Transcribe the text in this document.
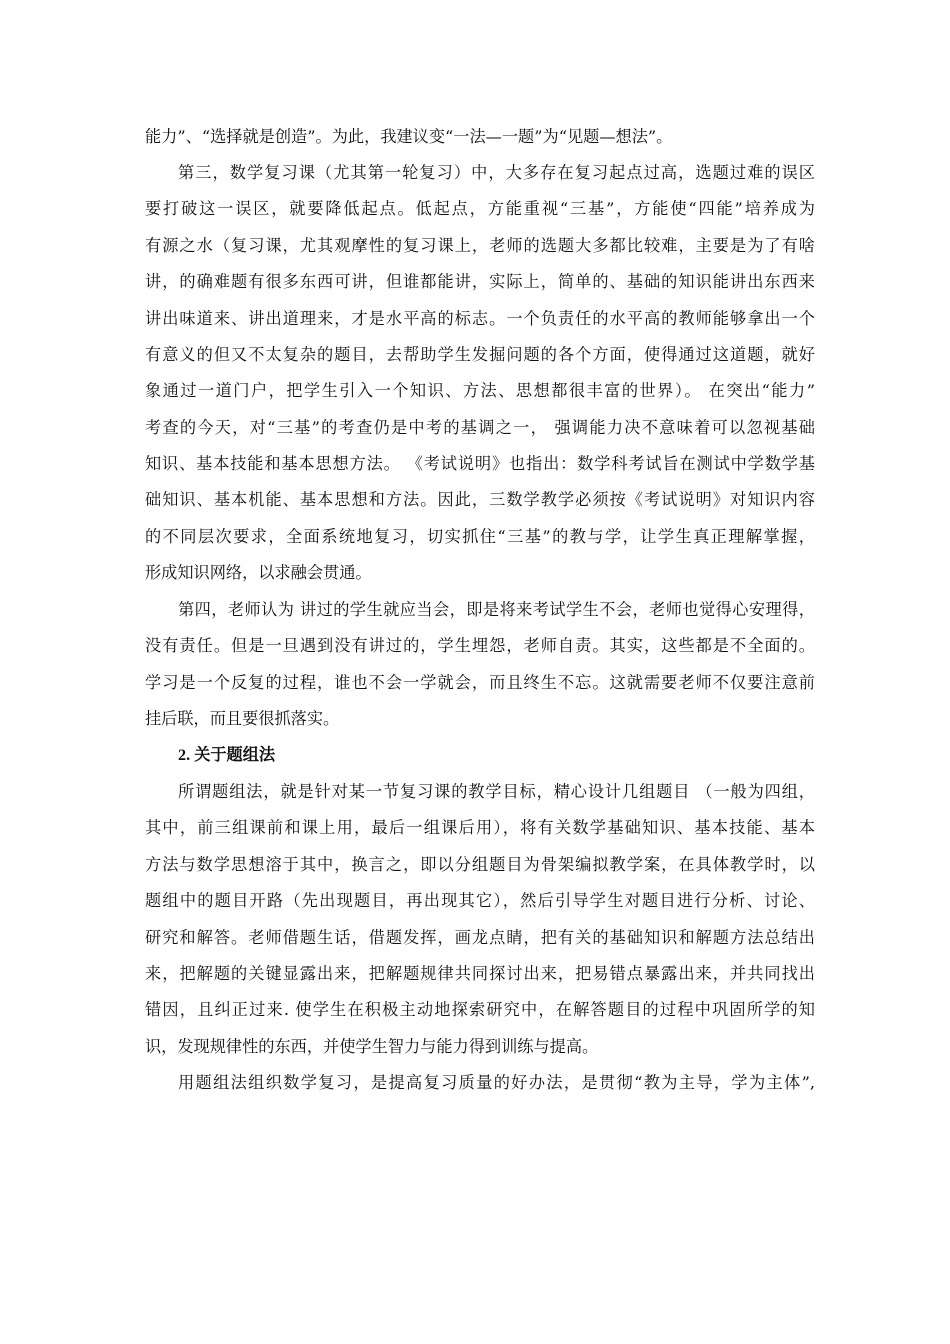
能力”、“选择就是创造”。为此，我建议变“一法—一题”为“见题—想法”。
第三，数学复习课（尤其第一轮复习）中，大多存在复习起点过高，选题过难的误区
要打破这一误区，就要降低起点。低起点，方能重视“三基”，方能使“四能”培养成为
有源之水（复习课，尤其观摩性的复习课上，老师的选题大多都比较难，主要是为了有啥
讲，的确难题有很多东西可讲，但谁都能讲，实际上，简单的、基础的知识能讲出东西来
讲出味道来、讲出道理来，才是水平高的标志。一个负责任的水平高的教师能够拿出一个
有意义的但又不太复杂的题目，去帮助学生发掘问题的各个方面，使得通过这道题，就好
象通过一道门户，把学生引入一个知识、方法、思想都很丰富的世界）。 在突出“能力”
考查的今天，对“三基”的考查仍是中考的基调之一， 强调能力决不意味着可以忽视基础
知识、基本技能和基本思想方法。 《考试说明》也指出：数学科考试旨在测试中学数学基
础知识、基本机能、基本思想和方法。因此，三数学教学必须按《考试说明》对知识内容
的不同层次要求，全面系统地复习，切实抓住“三基”的教与学，让学生真正理解掌握，
形成知识网络，以求融会贯通。
第四，老师认为 讲过的学生就应当会，即是将来考试学生不会，老师也觉得心安理得，
没有责任。但是一旦遇到没有讲过的，学生埋怨，老师自责。其实，这些都是不全面的。
学习是一个反复的过程，谁也不会一学就会，而且终生不忘。这就需要老师不仅要注意前
挂后联，而且要很抓落实。
2. 关于题组法
所谓题组法，就是针对某一节复习课的教学目标，精心设计几组题目 （一般为四组，
其中，前三组课前和课上用，最后一组课后用），将有关数学基础知识、基本技能、基本
方法与数学思想溶于其中，换言之，即以分组题目为骨架编拟教学案，在具体教学时，以
题组中的题目开路（先出现题目，再出现其它），然后引导学生对题目进行分析、讨论、
研究和解答。老师借题生话，借题发挥，画龙点睛，把有关的基础知识和解题方法总结出
来，把解题的关键显露出来，把解题规律共同探讨出来，把易错点暴露出来，并共同找出
错因，且纠正过来. 使学生在积极主动地探索研究中，在解答题目的过程中巩固所学的知
识，发现规律性的东西，并使学生智力与能力得到训练与提高。
用题组法组织数学复习，是提高复习质量的好办法，是贯彻“教为主导，学为主体”,
